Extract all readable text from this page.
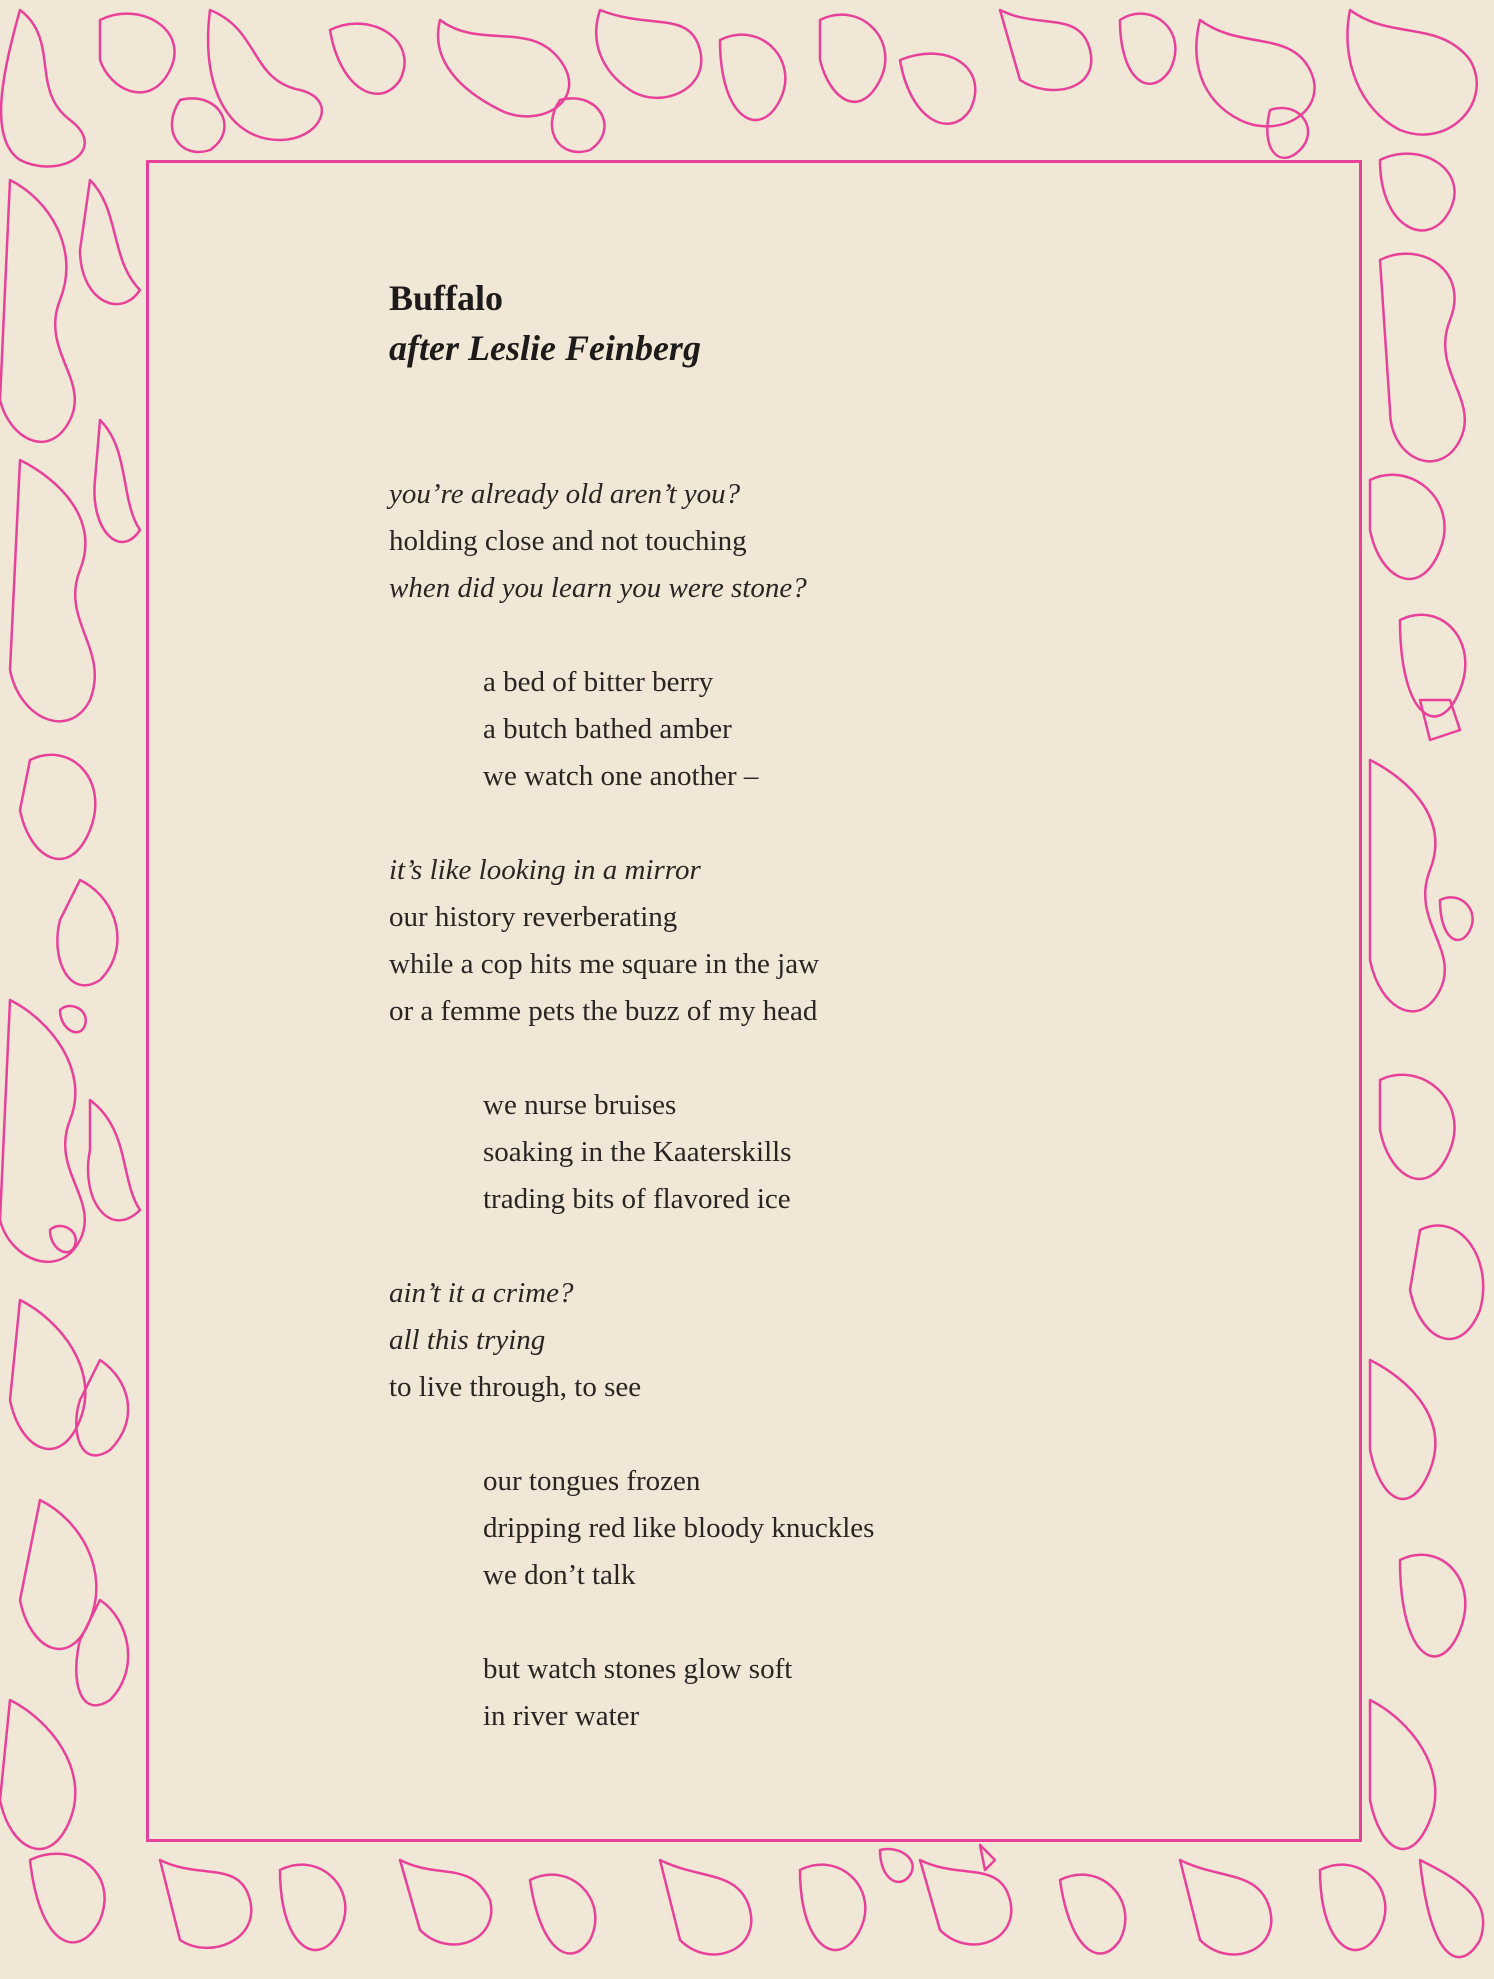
Buffalo
after Leslie Feinberg
you’re already old aren’t you?
holding close and not touching
when did you learn you were stone?
a bed of bitter berry
a butch bathed amber
we watch one another –
it’s like looking in a mirror
our history reverberating
while a cop hits me square in the jaw
or a femme pets the buzz of my head
we nurse bruises
soaking in the Kaaterskills
trading bits of flavored ice
ain’t it a crime?
all this trying
to live through, to see
our tongues frozen
dripping red like bloody knuckles
we don’t talk
but watch stones glow soft
in river water
